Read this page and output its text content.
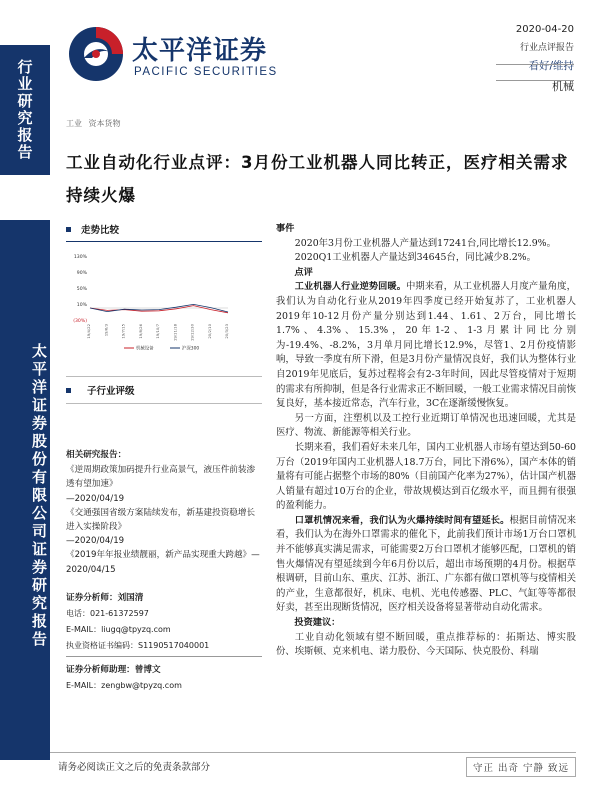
行业研究报告
太平洋证券股份有限公司证券研究报告
太平洋证券
PACIFIC SECURITIES
2020-04-20
行业点评报告
看好/维持
机械
工业 资本货物
工业自动化行业点评：3月份工业机器人同比转正，医疗相关需求持续火爆
走势比较
130%
90%
50%
10%
(30%)
19/4/22	19/6/3	19/7/15	19/8/26	19/10/7	19/11/18	19/12/30	20/2/10	20/3/23
机械设备	沪深300
子行业评级
相关研究报告：

《逆周期政策加码提升行业高景气，液压件前装渗透有望加速》

—2020/04/19

《交通强国省级方案陆续发布，新基建投资稳增长进入实操阶段》

—2020/04/19

《2019年年报业绩靓丽，新产品实现重大跨越》—2020/04/15

证券分析师：刘国清
电话：021-61372597
E-MAIL：liugq@tpyzq.com
执业资格证书编码：S1190517040001
证券分析师助理：曾博文
E-MAIL：zengbw@tpyzq.com
事件

2020年3月份工业机器人产量达到17241台,同比增长12.9%。

2020Q1工业机器人产量达到34645台，同比减少8.2%。

点评

工业机器人行业逆势回暖。中期来看，从工业机器人月度产量角度，我们认为自动化行业从2019年四季度已经开始复苏了，工业机器人2019年10-12月份产量分别达到1.44、1.61、2万台，同比增长1.7%、4.3%、15.3%，20年1-2、1-3月累计同比分别为-19.4%、-8.2%，3月单月同比增长12.9%，尽管1、2月份疫情影响，导致一季度有所下滑，但是3月份产量情况良好，我们认为整体行业自2019年见底后，复苏过程将会有2-3年时间，因此尽管疫情对于短期的需求有所抑制，但是各行业需求正不断回暖，一般工业需求情况目前恢复良好，基本接近常态，汽车行业，3C在逐渐缓慢恢复。

另一方面，注塑机以及工控行业近期订单情况也迅速回暖，尤其是医疗、物流、新能源等相关行业。

长期来看，我们看好未来几年，国内工业机器人市场有望达到50-60万台（2019年国内工业机器人18.7万台，同比下滑6%），国产本体的销量将有可能占据整个市场的80%（目前国产化率为27%），估计国产机器人销量有超过10万台的企业，带故规模达到百亿级水平，而且拥有很强的盈利能力。

口罩机情况来看，我们认为火爆持续时间有望延长。根据目前情况来看，我们认为在海外口罩需求的催化下，此前我们预计市场1万台口罩机并不能够真实满足需求，可能需要2万台口罩机才能够匹配，口罩机的销售火爆情况有望延续到今年6月份以后，超出市场预期的4月份。根据草根调研，目前山东、重庆、江苏、浙江、广东都有做口罩机等与疫情相关的产业，生意都很好，机床、电机、光电传感器、PLC、气缸等等都很好卖，甚至出现断货情况，医疗相关设备将显著带动自动化需求。

投资建议：

工业自动化领域有望不断回暖，重点推荐标的：拓斯达、博实股份、埃斯顿、克来机电、诺力股份、今天国际、快克股份、科瑞

请务必阅读正文之后的免责条款部分	守正 出奇 宁静 致远
